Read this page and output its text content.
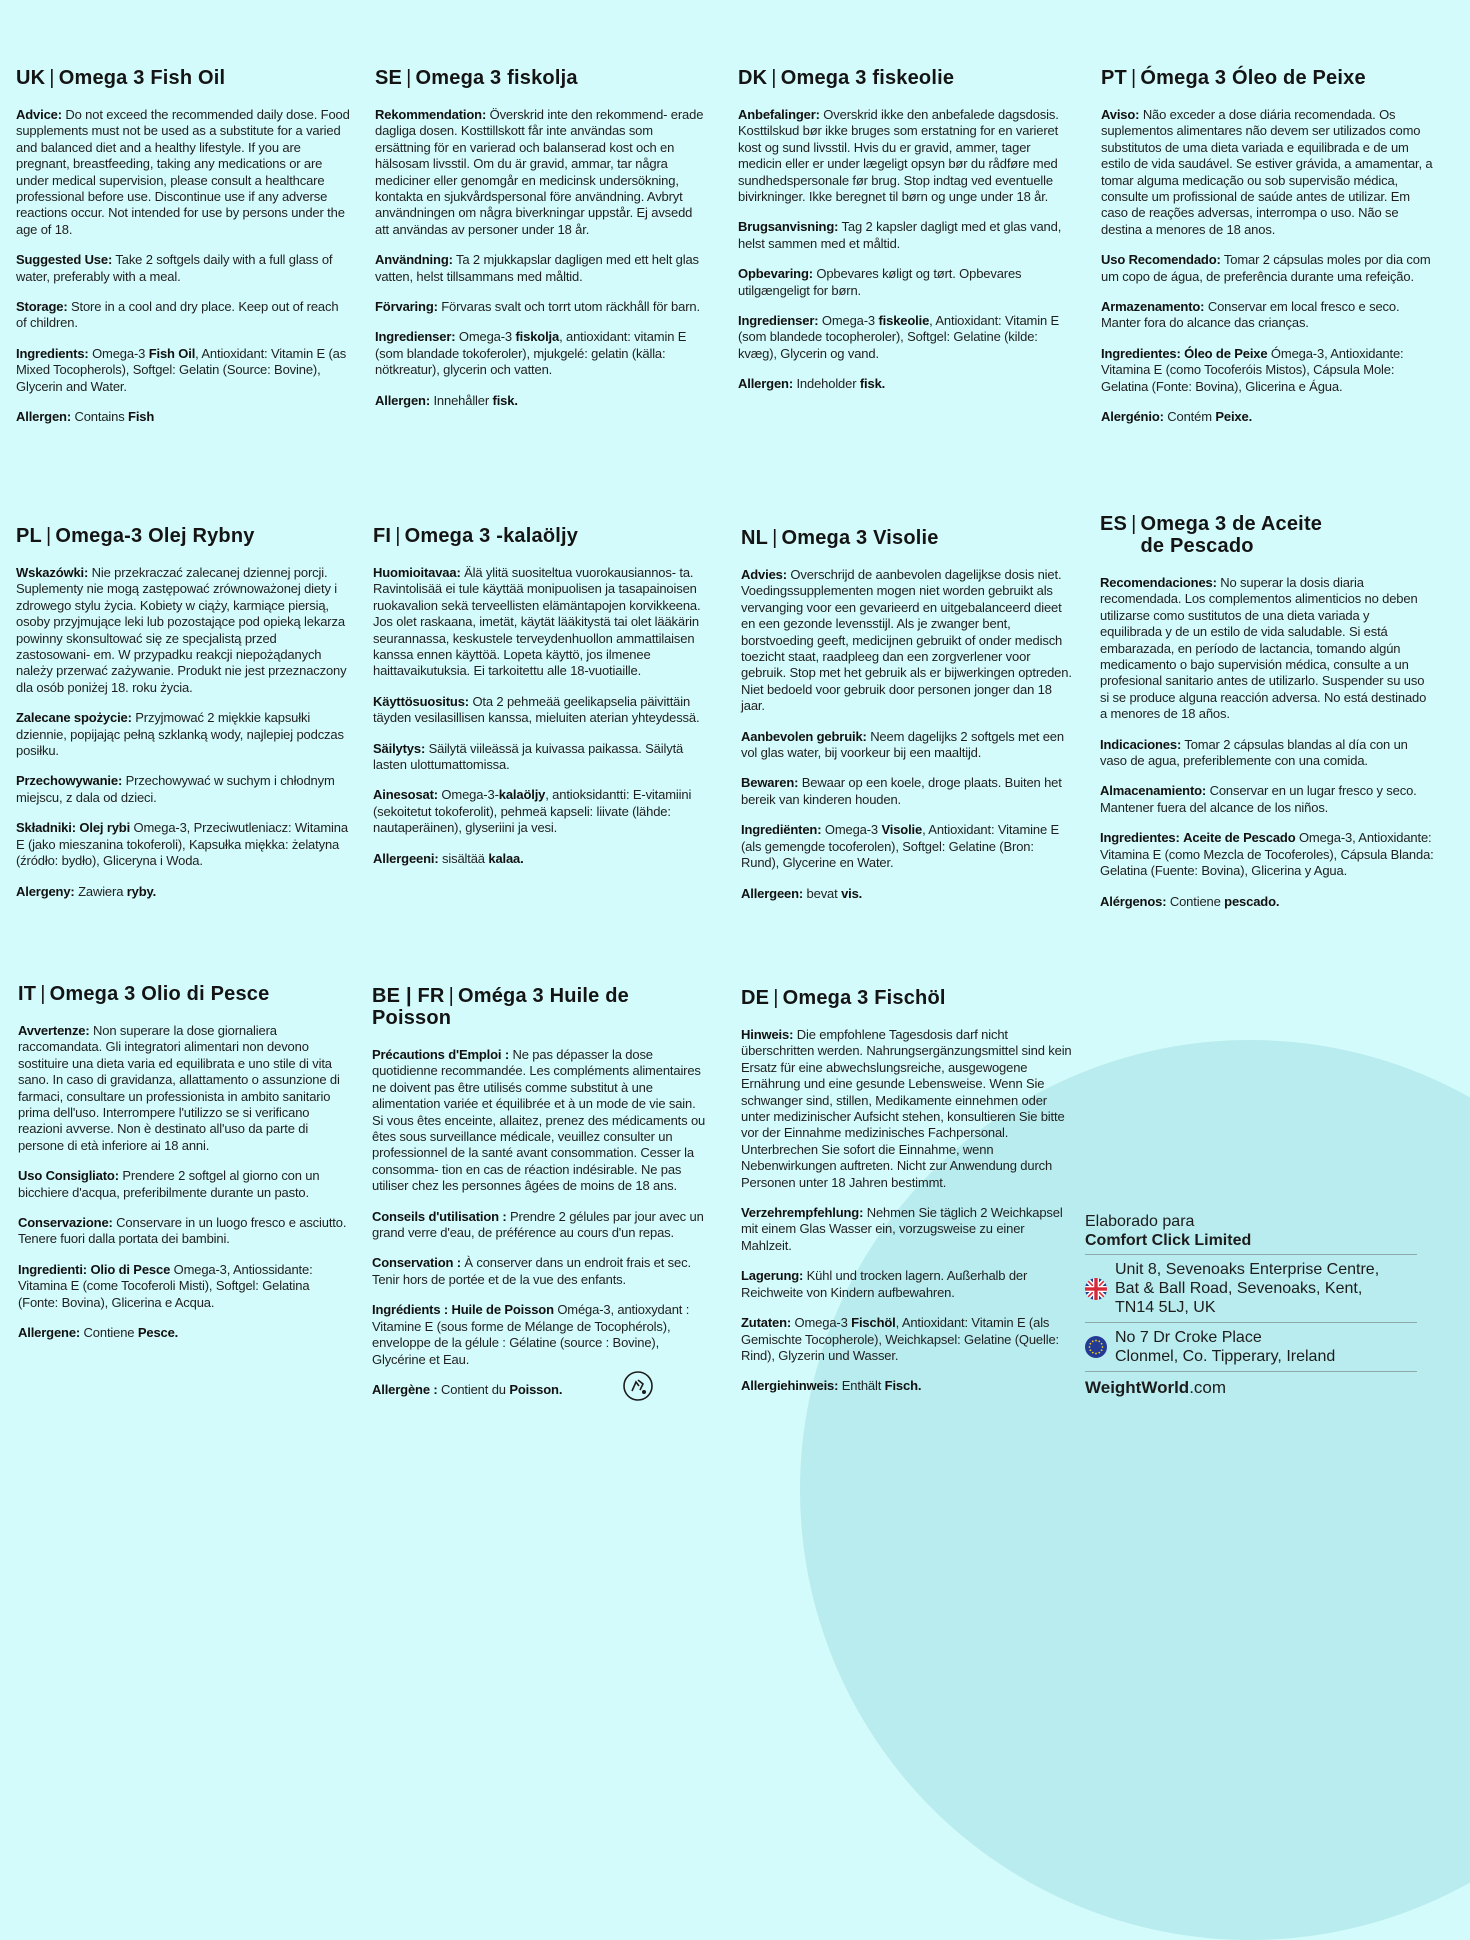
UK | Omega 3 Fish Oil

Advice: Do not exceed the recommended daily dose. Food supplements must not be used as a substitute for a varied and balanced diet and a healthy lifestyle. If you are pregnant, breastfeeding, taking any medications or are under medical supervision, please consult a healthcare professional before use. Discontinue use if any adverse reactions occur. Not intended for use by persons under the age of 18.

Suggested Use: Take 2 softgels daily with a full glass of water, preferably with a meal.

Storage: Store in a cool and dry place. Keep out of reach of children.

Ingredients: Omega-3 Fish Oil, Antioxidant: Vitamin E (as Mixed Tocopherols), Softgel: Gelatin (Source: Bovine), Glycerin and Water.

Allergen: Contains Fish

SE | Omega 3 fiskolja

Rekommendation: Överskrid inte den rekommend- erade dagliga dosen. Kosttillskott får inte användas som ersättning för en varierad och balanserad kost och en hälsosam livsstil. Om du är gravid, ammar, tar några mediciner eller genomgår en medicinsk undersökning, kontakta en sjukvårdspersonal före användning. Avbryt användningen om några biverkningar uppstår. Ej avsedd att användas av personer under 18 år.

Användning: Ta 2 mjukkapslar dagligen med ett helt glas vatten, helst tillsammans med måltid.

Förvaring: Förvaras svalt och torrt utom räckhåll för barn.

Ingredienser: Omega-3 fiskolja, antioxidant: vitamin E (som blandade tokoferoler), mjukgelé: gelatin (källa: nötkreatur), glycerin och vatten.

Allergen: Innehåller fisk.

DK | Omega 3 fiskeolie

Anbefalinger: Overskrid ikke den anbefalede dagsdosis. Kosttilskud bør ikke bruges som erstatning for en varieret kost og sund livsstil. Hvis du er gravid, ammer, tager medicin eller er under lægeligt opsyn bør du rådføre med sundhedspersonale før brug. Stop indtag ved eventuelle bivirkninger. Ikke beregnet til børn og unge under 18 år.

Brugsanvisning: Tag 2 kapsler dagligt med et glas vand, helst sammen med et måltid.

Opbevaring: Opbevares køligt og tørt. Opbevares utilgængeligt for børn.

Ingredienser: Omega-3 fiskeolie, Antioxidant: Vitamin E (som blandede tocopheroler), Softgel: Gelatine (kilde: kvæg), Glycerin og vand.

Allergen: Indeholder fisk.

PT | Ómega 3 Óleo de Peixe

Aviso: Não exceder a dose diária recomendada. Os suplementos alimentares não devem ser utilizados como substitutos de uma dieta variada e equilibrada e de um estilo de vida saudável. Se estiver grávida, a amamentar, a tomar alguma medicação ou sob supervisão médica, consulte um profissional de saúde antes de utilizar. Em caso de reações adversas, interrompa o uso. Não se destina a menores de 18 anos.

Uso Recomendado: Tomar 2 cápsulas moles por dia com um copo de água, de preferência durante uma refeição.

Armazenamento: Conservar em local fresco e seco. Manter fora do alcance das crianças.

Ingredientes: Óleo de Peixe Ómega-3, Antioxidante: Vitamina E (como Tocoferóis Mistos), Cápsula Mole: Gelatina (Fonte: Bovina), Glicerina e Água.

Alergénio: Contém Peixe.

PL | Omega-3 Olej Rybny

Wskazówki: Nie przekraczać zalecanej dziennej porcji. Suplementy nie mogą zastępować zrównoważonej diety i zdrowego stylu życia. Kobiety w ciąży, karmiące piersią, osoby przyjmujące leki lub pozostające pod opieką lekarza powinny skonsultować się ze specjalistą przed zastosowani- em. W przypadku reakcji niepożądanych należy przerwać zażywanie. Produkt nie jest przeznaczony dla osób poniżej 18. roku życia.

Zalecane spożycie: Przyjmować 2 miękkie kapsułki dziennie, popijając pełną szklanką wody, najlepiej podczas posiłku.

Przechowywanie: Przechowywać w suchym i chłodnym miejscu, z dala od dzieci.

Składniki: Olej rybi Omega-3, Przeciwutleniacz: Witamina E (jako mieszanina tokoferoli), Kapsułka miękka: żelatyna (źródło: bydło), Gliceryna i Woda.

Alergeny: Zawiera ryby.

FI | Omega 3 -kalaöljy

Huomioitavaa: Älä ylitä suositeltua vuorokausiannos- ta. Ravintolisää ei tule käyttää monipuolisen ja tasapainoisen ruokavalion sekä terveellisten elämäntapojen korvikkeena. Jos olet raskaana, imetät, käytät lääkitystä tai olet lääkärin seurannassa, keskustele terveydenhuollon ammattilaisen kanssa ennen käyttöä. Lopeta käyttö, jos ilmenee haittavaikutuksia. Ei tarkoitettu alle 18-vuotiaille.

Käyttösuositus: Ota 2 pehmeää geelikapselia päivittäin täyden vesilasillisen kanssa, mieluiten aterian yhteydessä.

Säilytys: Säilytä viileässä ja kuivassa paikassa. Säilytä lasten ulottumattomissa.

Ainesosat: Omega-3-kalaöljy, antioksidantti: E-vitamiini (sekoitetut tokoferolit), pehmeä kapseli: liivate (lähde: nautaperäinen), glyseriini ja vesi.

Allergeeni: sisältää kalaa.

NL | Omega 3 Visolie

Advies: Overschrijd de aanbevolen dagelijkse dosis niet. Voedingssupplementen mogen niet worden gebruikt als vervanging voor een gevarieerd en uitgebalanceerd dieet en een gezonde levensstijl. Als je zwanger bent, borstvoeding geeft, medicijnen gebruikt of onder medisch toezicht staat, raadpleeg dan een zorgverlener voor gebruik. Stop met het gebruik als er bijwerkingen optreden. Niet bedoeld voor gebruik door personen jonger dan 18 jaar.

Aanbevolen gebruik: Neem dagelijks 2 softgels met een vol glas water, bij voorkeur bij een maaltijd.

Bewaren: Bewaar op een koele, droge plaats. Buiten het bereik van kinderen houden.

Ingrediënten: Omega-3 Visolie, Antioxidant: Vitamine E (als gemengde tocoferolen), Softgel: Gelatine (Bron: Rund), Glycerine en Water.

Allergeen: bevat vis.

ES | Omega 3 de Aceite de Pescado

Recomendaciones: No superar la dosis diaria recomendada. Los complementos alimenticios no deben utilizarse como sustitutos de una dieta variada y equilibrada y de un estilo de vida saludable. Si está embarazada, en período de lactancia, tomando algún medicamento o bajo supervisión médica, consulte a un profesional sanitario antes de utilizarlo. Suspender su uso si se produce alguna reacción adversa. No está destinado a menores de 18 años.

Indicaciones: Tomar 2 cápsulas blandas al día con un vaso de agua, preferiblemente con una comida.

Almacenamiento: Conservar en un lugar fresco y seco. Mantener fuera del alcance de los niños.

Ingredientes: Aceite de Pescado Omega-3, Antioxidante: Vitamina E (como Mezcla de Tocoferoles), Cápsula Blanda: Gelatina (Fuente: Bovina), Glicerina y Agua.

Alérgenos: Contiene pescado.

IT | Omega 3 Olio di Pesce

Avvertenze: Non superare la dose giornaliera raccomandata. Gli integratori alimentari non devono sostituire una dieta varia ed equilibrata e uno stile di vita sano. In caso di gravidanza, allattamento o assunzione di farmaci, consultare un professionista in ambito sanitario prima dell'uso. Interrompere l'utilizzo se si verificano reazioni avverse. Non è destinato all'uso da parte di persone di età inferiore ai 18 anni.

Uso Consigliato: Prendere 2 softgel al giorno con un bicchiere d'acqua, preferibilmente durante un pasto.

Conservazione: Conservare in un luogo fresco e asciutto. Tenere fuori dalla portata dei bambini.

Ingredienti: Olio di Pesce Omega-3, Antiossidante: Vitamina E (come Tocoferoli Misti), Softgel: Gelatina (Fonte: Bovina), Glicerina e Acqua.

Allergene: Contiene Pesce.

BE | FR | Oméga 3 Huile de Poisson

Précautions d'Emploi : Ne pas dépasser la dose quotidienne recommandée. Les compléments alimentaires ne doivent pas être utilisés comme substitut à une alimentation variée et équilibrée et à un mode de vie sain. Si vous êtes enceinte, allaitez, prenez des médicaments ou êtes sous surveillance médicale, veuillez consulter un professionnel de la santé avant consommation. Cesser la consomma- tion en cas de réaction indésirable. Ne pas utiliser chez les personnes âgées de moins de 18 ans.

Conseils d'utilisation : Prendre 2 gélules par jour avec un grand verre d'eau, de préférence au cours d'un repas.

Conservation : À conserver dans un endroit frais et sec. Tenir hors de portée et de la vue des enfants.

Ingrédients : Huile de Poisson Oméga-3, antioxydant : Vitamine E (sous forme de Mélange de Tocophérols), enveloppe de la gélule : Gélatine (source : Bovine), Glycérine et Eau.

Allergène : Contient du Poisson.

DE | Omega 3 Fischöl

Hinweis: Die empfohlene Tagesdosis darf nicht überschritten werden. Nahrungsergänzungsmittel sind kein Ersatz für eine abwechslungsreiche, ausgewogene Ernährung und eine gesunde Lebensweise. Wenn Sie schwanger sind, stillen, Medikamente einnehmen oder unter medizinischer Aufsicht stehen, konsultieren Sie bitte vor der Einnahme medizinisches Fachpersonal. Unterbrechen Sie sofort die Einnahme, wenn Nebenwirkungen auftreten. Nicht zur Anwendung durch Personen unter 18 Jahren bestimmt.

Verzehrempfehlung: Nehmen Sie täglich 2 Weichkapsel mit einem Glas Wasser ein, vorzugsweise zu einer Mahlzeit.

Lagerung: Kühl und trocken lagern. Außerhalb der Reichweite von Kindern aufbewahren.

Zutaten: Omega-3 Fischöl, Antioxidant: Vitamin E (als Gemischte Tocopherole), Weichkapsel: Gelatine (Quelle: Rind), Glyzerin und Wasser.

Allergiehinweis: Enthält Fisch.

Elaborado para
Comfort Click Limited
Unit 8, Sevenoaks Enterprise Centre,
Bat & Ball Road, Sevenoaks, Kent,
TN14 5LJ, UK
No 7 Dr Croke Place
Clonmel, Co. Tipperary, Ireland
WeightWorld.com
